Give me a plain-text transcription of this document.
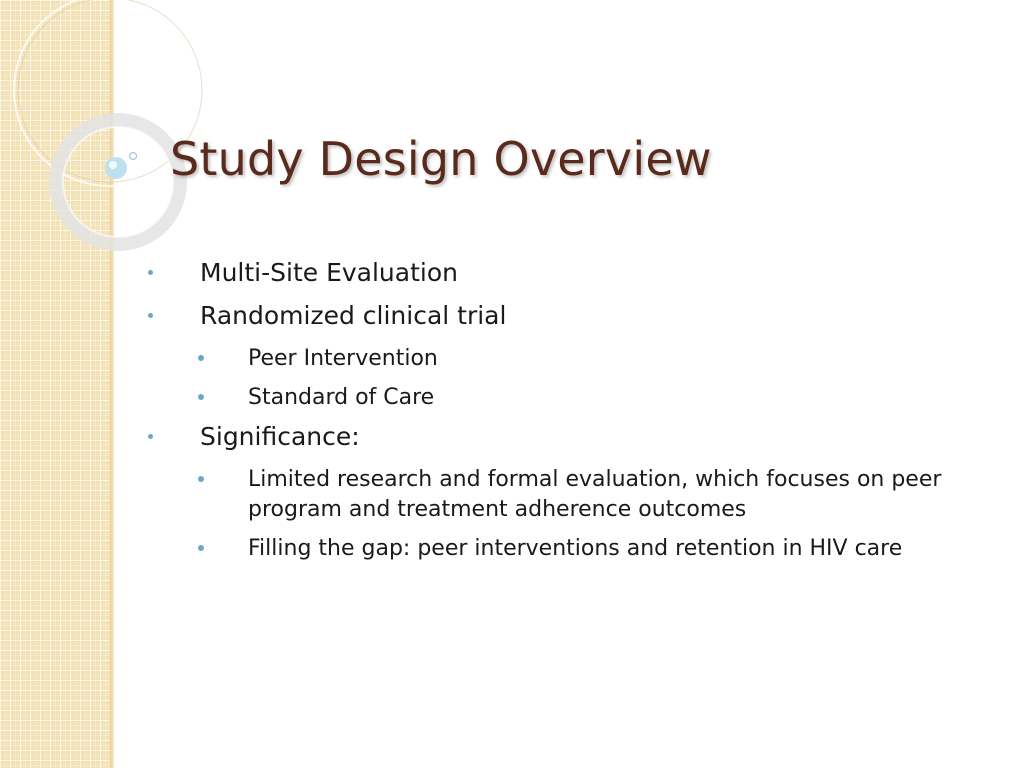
Study Design Overview
Multi-Site Evaluation
Randomized clinical trial
Peer Intervention
Standard of Care
Significance:
Limited research and formal evaluation, which focuses on peer program and treatment adherence outcomes
Filling the gap: peer interventions and retention in HIV care
